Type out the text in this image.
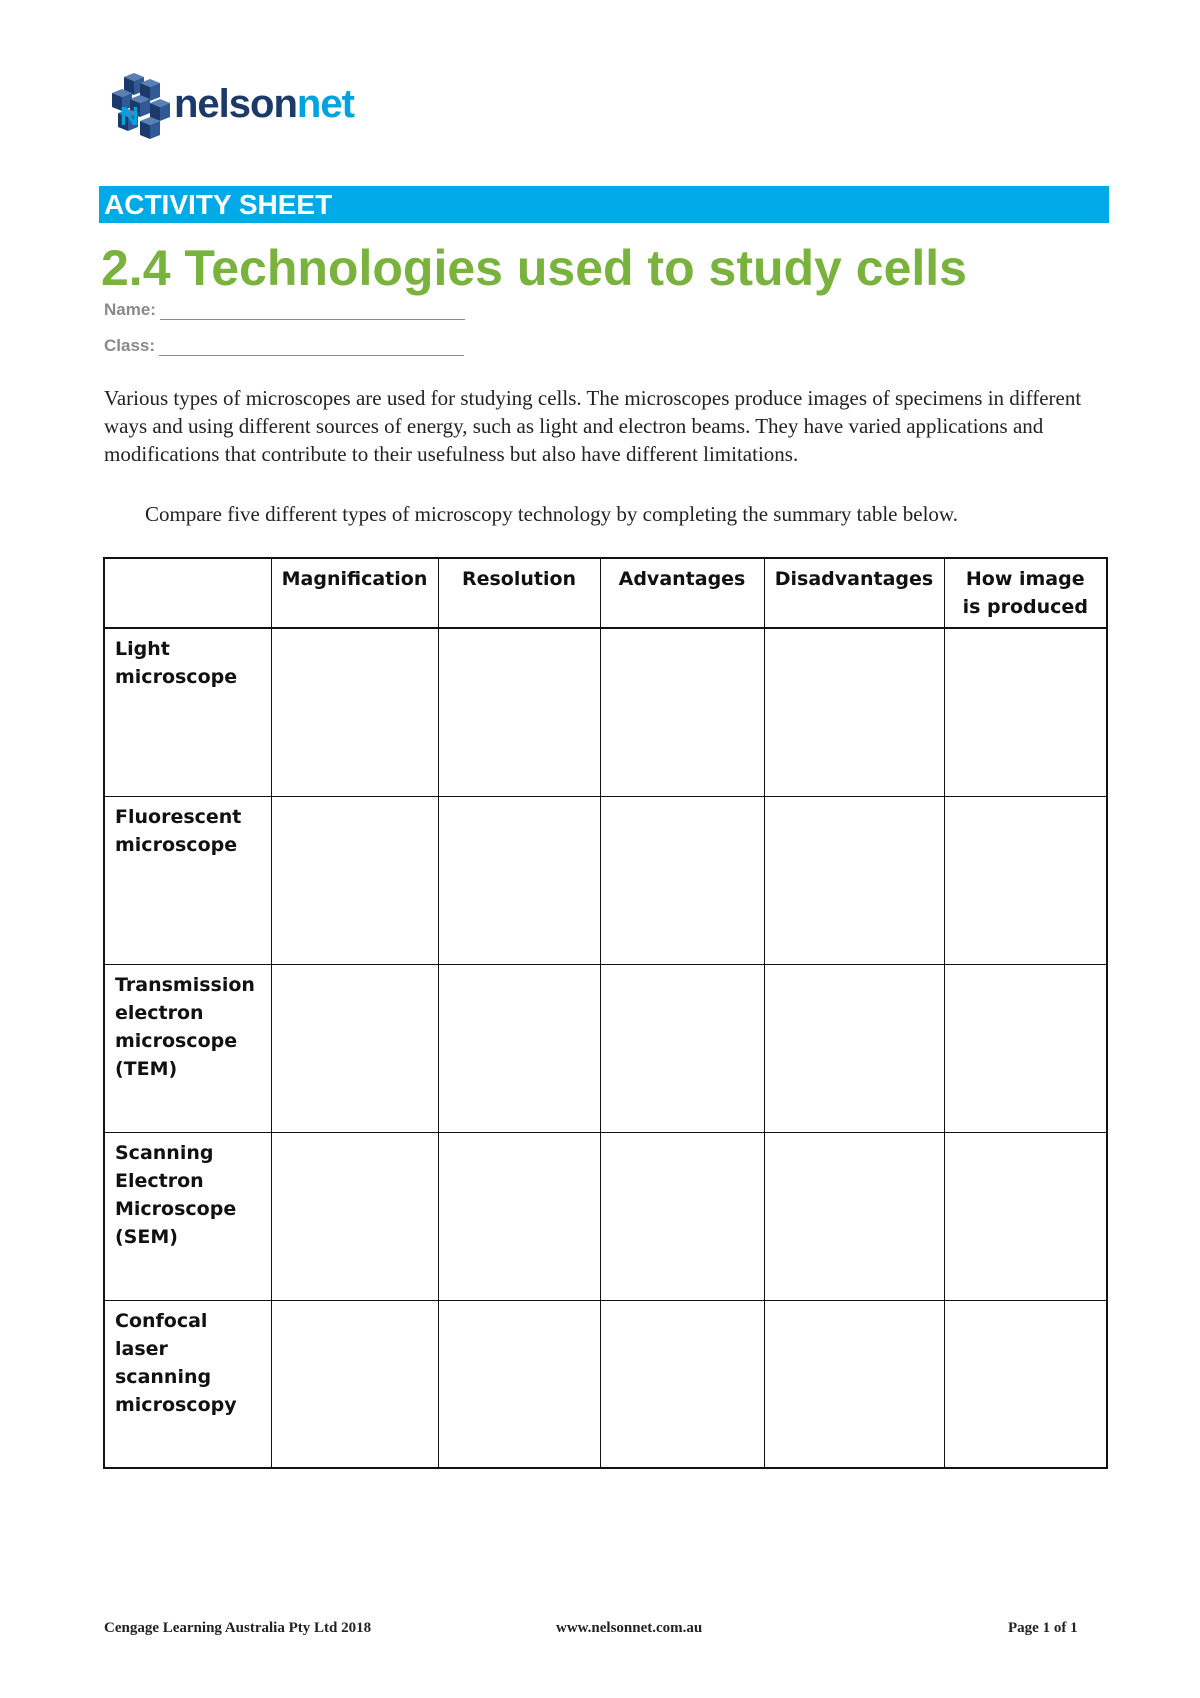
N nelsonnet
ACTIVITY SHEET
2.4 Technologies used to study cells
Name:
Class:

Various types of microscopes are used for studying cells. The microscopes produce images of specimens in different ways and using different sources of energy, such as light and electron beams. They have varied applications and modifications that contribute to their usefulness but also have different limitations.

Compare five different types of microscopy technology by completing the summary table below.

	Magnification	Resolution	Advantages	Disadvantages	How image is produced
Light microscope					
Fluorescent microscope					
Transmission electron microscope (TEM)					
Scanning Electron Microscope (SEM)					
Confocal laser scanning microscopy					
Cengage Learning Australia Pty Ltd 2018	www.nelsonnet.com.au	Page 1 of 1
